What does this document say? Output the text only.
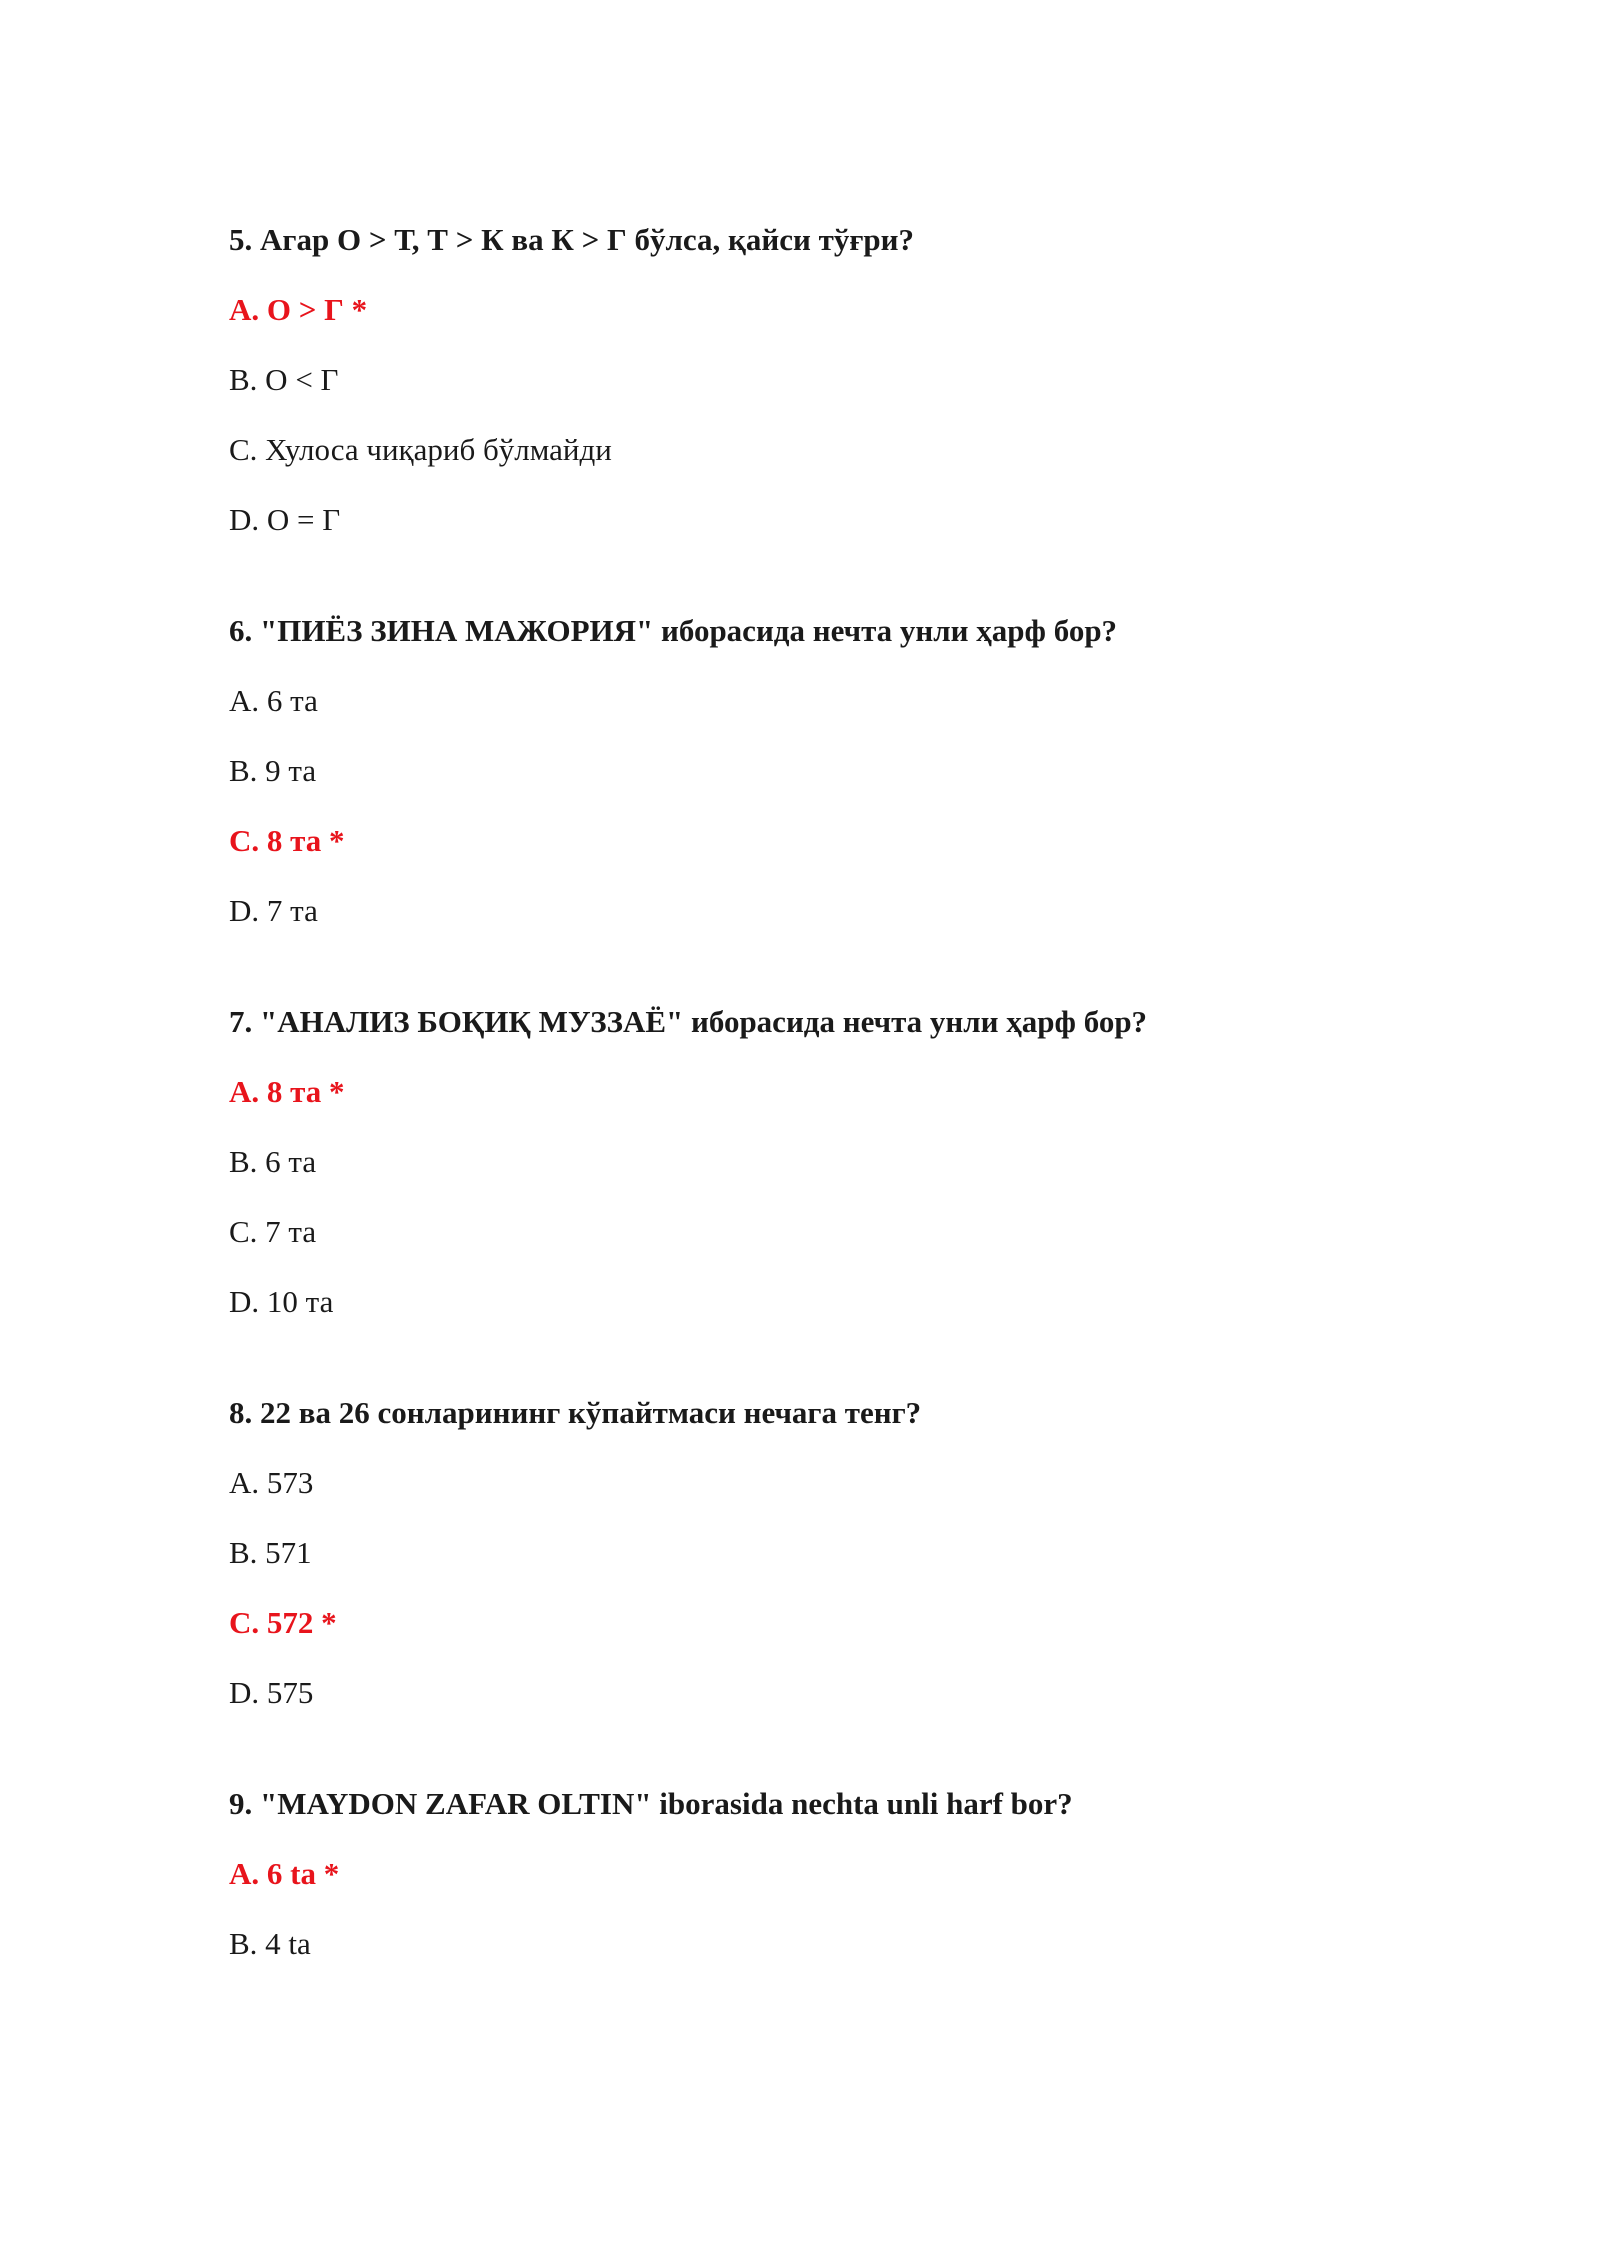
5. Агар О > Т, Т > К ва К > Г бўлса, қайси тўғри?
A. О > Г *
B. О < Г
C. Хулоса чиқариб бўлмайди
D. О = Г
6. "ПИЁЗ ЗИНА МАЖОРИЯ" иборасида нечта унли ҳарф бор?
A. 6 та
B. 9 та
C. 8 та *
D. 7 та
7. "АНАЛИЗ БОҚИҚ МУЗЗАЁ" иборасида нечта унли ҳарф бор?
A. 8 та *
B. 6 та
C. 7 та
D. 10 та
8. 22 ва 26 сонларининг кўпайтмаси нечага тенг?
A. 573
B. 571
C. 572 *
D. 575
9. "MAYDON ZAFAR OLTIN" iborasida nechta unli harf bor?
A. 6 ta *
B. 4 ta
